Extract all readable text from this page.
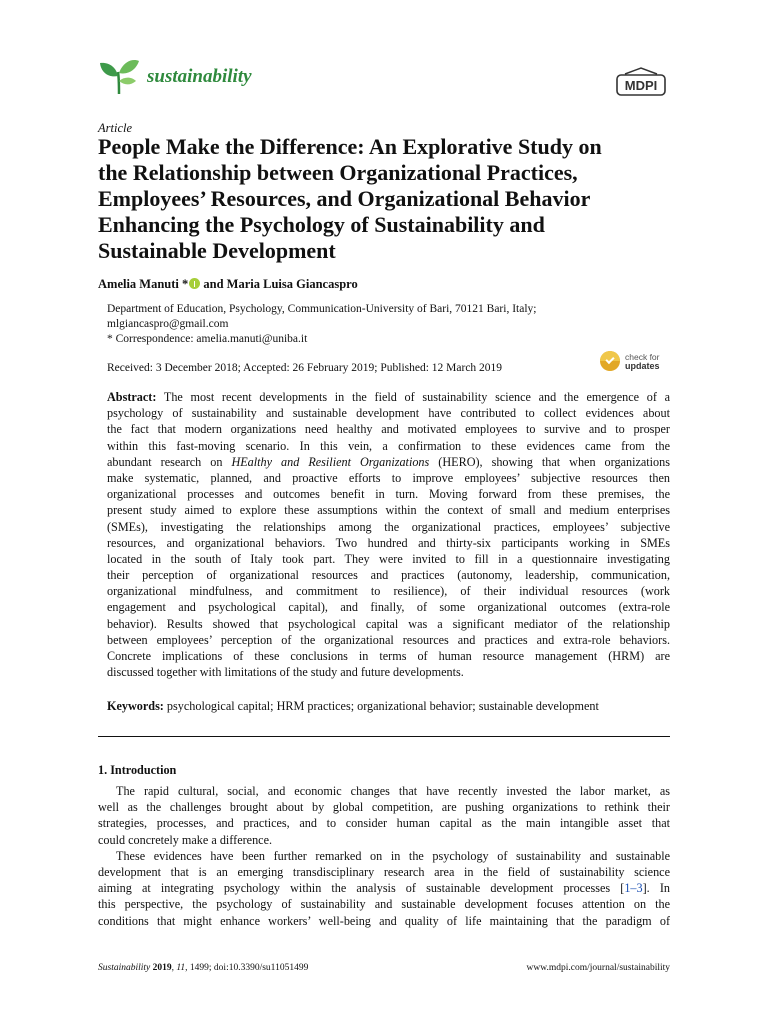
sustainability	MDPI
Article
People Make the Difference: An Explorative Study on
the Relationship between Organizational Practices,
Employees’ Resources, and Organizational Behavior
Enhancing the Psychology of Sustainability and
Sustainable Development
Amelia Manuti * and Maria Luisa Giancaspro
Department of Education, Psychology, Communication-University of Bari, 70121 Bari, Italy;
mlgiancaspro@gmail.com
* Correspondence: amelia.manuti@uniba.it
Received: 3 December 2018; Accepted: 26 February 2019; Published: 12 March 2019
check for
updates
Abstract: The most recent developments in the field of sustainability science and the emergence of a
psychology of sustainability and sustainable development have contributed to collect evidences about
the fact that modern organizations need healthy and motivated employees to survive and to prosper
within this fast-moving scenario. In this vein, a confirmation to these evidences came from the
abundant research on HEalthy and Resilient Organizations (HERO), showing that when organizations
make systematic, planned, and proactive efforts to improve employees’ subjective resources then
organizational processes and outcomes benefit in turn. Moving forward from these premises, the
present study aimed to explore these assumptions within the context of small and medium enterprises
(SMEs), investigating the relationships among the organizational practices, employees’ subjective
resources, and organizational behaviors. Two hundred and thirty-six participants working in SMEs
located in the south of Italy took part. They were invited to fill in a questionnaire investigating
their perception of organizational resources and practices (autonomy, leadership, communication,
organizational mindfulness, and commitment to resilience), of their individual resources (work
engagement and psychological capital), and finally, of some organizational outcomes (extra-role
behavior). Results showed that psychological capital was a significant mediator of the relationship
between employees’ perception of the organizational resources and practices and extra-role behaviors.
Concrete implications of these conclusions in terms of human resource management (HRM) are
discussed together with limitations of the study and future developments.
Keywords: psychological capital; HRM practices; organizational behavior; sustainable development
1. Introduction
The rapid cultural, social, and economic changes that have recently invested the labor market, as
well as the challenges brought about by global competition, are pushing organizations to rethink their
strategies, processes, and practices, and to consider human capital as the main intangible asset that
could concretely make a difference.
These evidences have been further remarked on in the psychology of sustainability and sustainable
development that is an emerging transdisciplinary research area in the field of sustainability science
aiming at integrating psychology within the analysis of sustainable development processes [1–3]. In
this perspective, the psychology of sustainability and sustainable development focuses attention on the
conditions that might enhance workers’ well-being and quality of life maintaining that the paradigm of
Sustainability 2019, 11, 1499; doi:10.3390/su11051499	www.mdpi.com/journal/sustainability
